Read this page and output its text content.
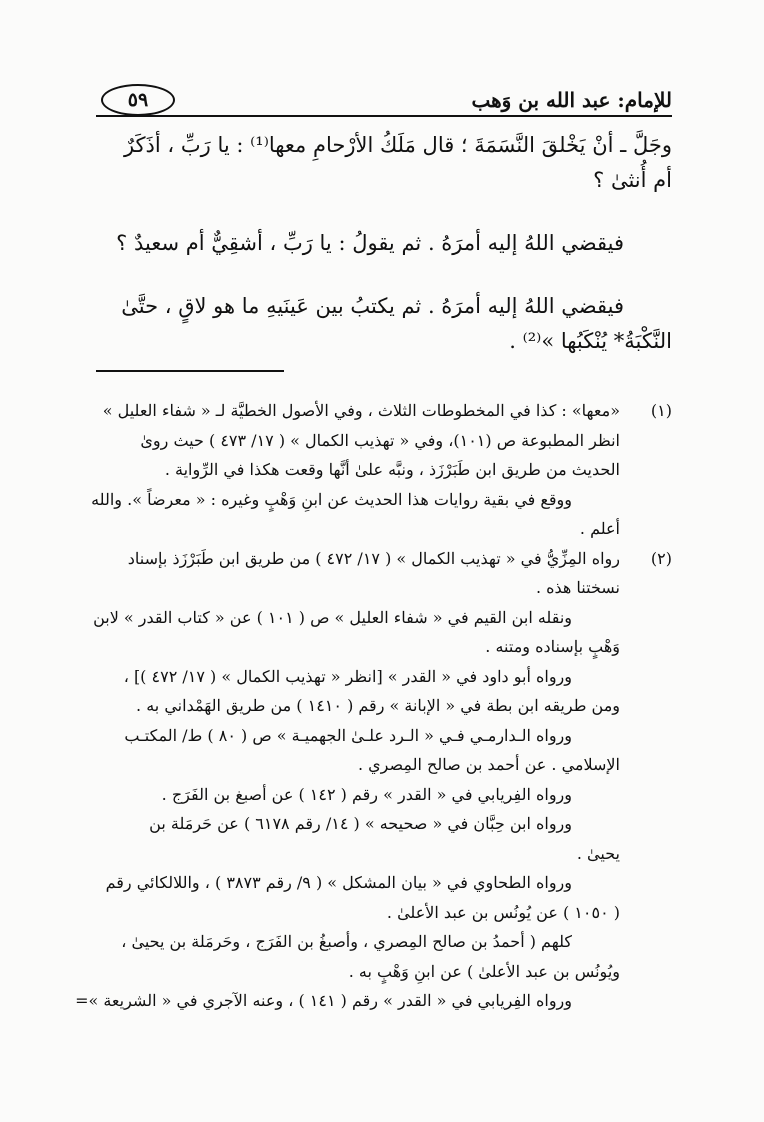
للإمام: عبد الله بن وَهب
٥٩

وجَلَّ ـ أنْ يَخْلقَ النَّسَمَةَ ؛ قال مَلَكُ الأرْحامِ معها⁽¹⁾ : يا رَبِّ ، أذَكَرٌ
أم أُنثىٰ ؟

فيقضي اللهُ إليه أمرَهُ . ثم يقولُ : يا رَبِّ ، أشقِيٌّ أم سعيدٌ ؟

فيقضي اللهُ إليه أمرَهُ . ثم يكتبُ بين عَينَيهِ ما هو لاقٍ ، حتَّىٰ
النَّكْبَةُ* يُنْكَبُها »⁽²⁾ .

(١)
«معها» : كذا في المخطوطات الثلاث ، وفي الأصول الخطيَّة لـ « شفاء العليل »
انظر المطبوعة ص (١٠١)، وفي « تهذيب الكمال » ( ١٧/ ٤٧٣ ) حيث روىٰ
الحديث من طريق ابن طَبَرْزَذ ، ونبَّه علىٰ أنَّها وقعت هكذا في الرِّواية .
ووقع في بقية روايات هذا الحديث عن ابنِ وَهْبٍ وغيره : « معرضاً ». والله
أعلم .
(٢)
رواه المِزِّيُّ في « تهذيب الكمال » ( ١٧/ ٤٧٢ ) من طريق ابن طَبَرْزَذ بإسناد
نسختنا هذه .
ونقله ابن القيم في « شفاء العليل » ص ( ١٠١ ) عن « كتاب القدر » لابن
وَهْبٍ بإسناده ومتنه .
ورواه أبو داود في « القدر » [انظر « تهذيب الكمال » ( ١٧/ ٤٧٢ )] ،
ومن طريقه ابن بطة في « الإبانة » رقم ( ١٤١٠ ) من طريق الهَمْداني به .
ورواه الـدارمـي فـي « الـرد علـىٰ الجهميـة » ص ( ٨٠ ) ط/ المكتـب
الإسلامي . عن أحمد بن صالح المِصري .
ورواه الفِريابي في « القدر » رقم ( ١٤٢ ) عن أصبغ بن الفَرَج .
ورواه ابن حِبَّان في « صحيحه » ( ١٤/ رقم ٦١٧٨ ) عن حَرمَلة بن
يحيىٰ .
ورواه الطحاوي في « بيان المشكل » ( ٩/ رقم ٣٨٧٣ ) ، واللالكائي رقم
( ١٠٥٠ ) عن يُونُس بن عبد الأعلىٰ .
كلهم ( أحمدُ بن صالح المِصري ، وأصبغُ بن الفَرَج ، وحَرمَلة بن يحيىٰ ،
ويُونُس بن عبد الأعلىٰ ) عن ابنِ وَهْبٍ به .
ورواه الفِريابي في « القدر » رقم ( ١٤١ ) ، وعنه الآجري في « الشريعة »=
